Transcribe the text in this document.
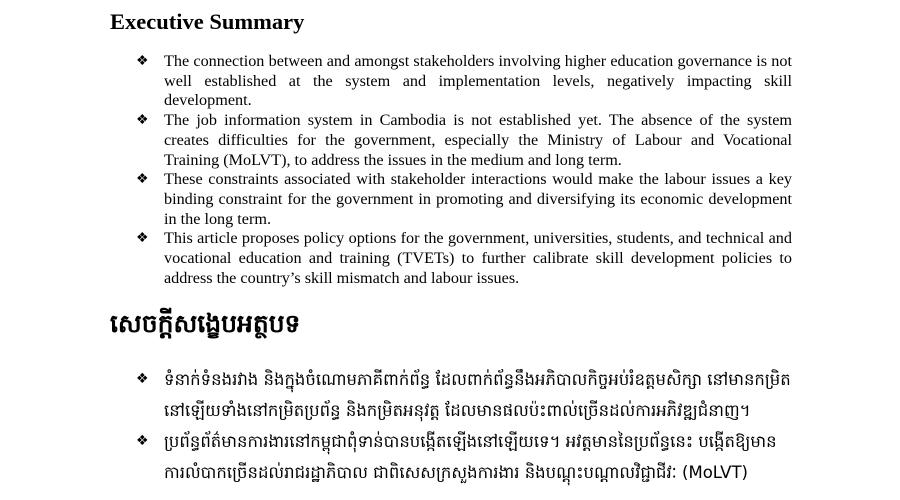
Executive Summary
❖ The connection between and amongst stakeholders involving higher education governance is not well established at the system and implementation levels, negatively impacting skill development.
❖ The job information system in Cambodia is not established yet. The absence of the system creates difficulties for the government, especially the Ministry of Labour and Vocational Training (MoLVT), to address the issues in the medium and long term.
❖ These constraints associated with stakeholder interactions would make the labour issues a key binding constraint for the government in promoting and diversifying its economic development in the long term.
❖ This article proposes policy options for the government, universities, students, and technical and vocational education and training (TVETs) to further calibrate skill development policies to address the country’s skill mismatch and labour issues.
សេចក្តីសង្ខេបអត្ថបទ
❖ ទំនាក់ទំនងរវាង និងក្នុងចំណោមភាគីពាក់ព័ន្ធ ដែលពាក់ព័ន្ធនឹងអភិបាលកិច្ចអប់រំឧត្តមសិក្សា នៅមានកម្រិតនៅឡើយទាំងនៅកម្រិតប្រព័ន្ធ និងកម្រិតអនុវត្ត ដែលមានផលប៉ះពាល់ច្រើនដល់ការអភិវឌ្ឍជំនាញ។
❖ ប្រព័ន្ធព័ត៌មានការងារនៅកម្ពុជាពុំទាន់បានបង្កើតឡើងនៅឡើយទេ។ អវត្តមាននៃប្រព័ន្ធនេះ បង្កើតឱ្យមានការលំបាកច្រើនដល់រាជរដ្ឋាភិបាល ជាពិសេសក្រសួងការងារ និងបណ្តុះបណ្តាលវិជ្ជាជីវៈ (MoLVT)
